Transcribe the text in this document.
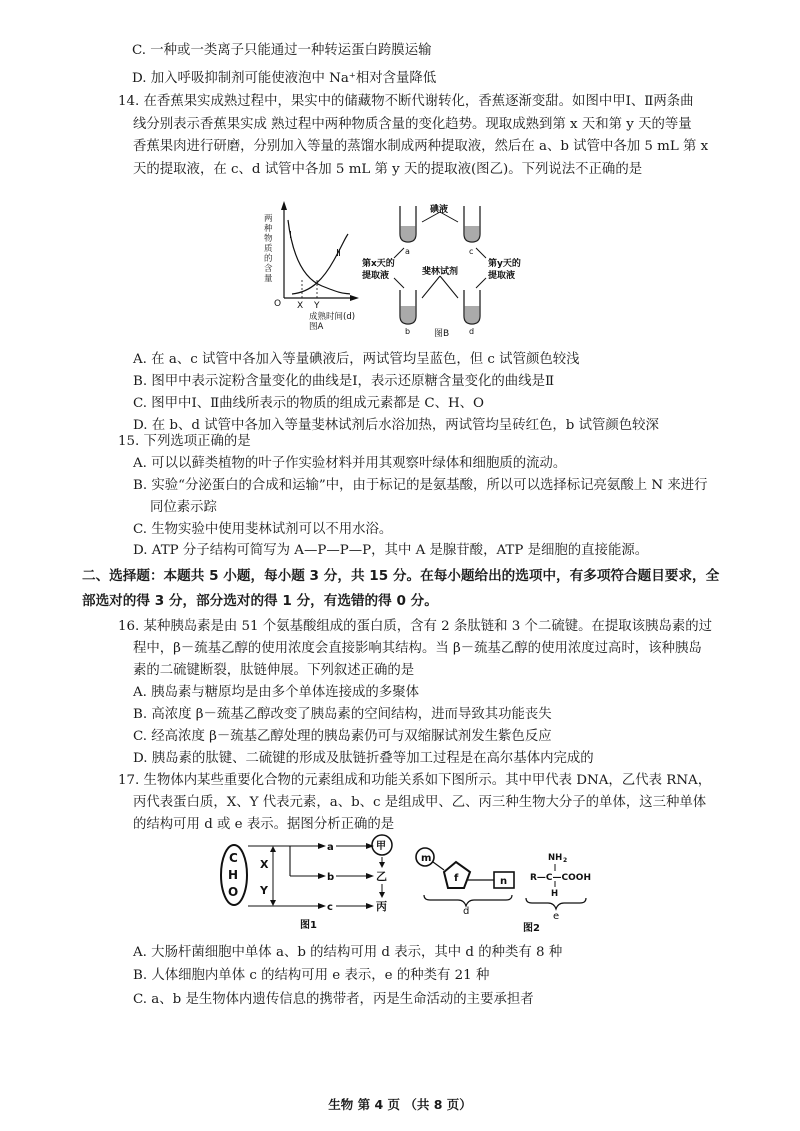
C. 一种或一类离子只能通过一种转运蛋白跨膜运输
D. 加入呼吸抑制剂可能使液泡中 Na⁺相对含量降低
14. 在香蕉果实成熟过程中，果实中的储藏物不断代谢转化，香蕉逐渐变甜。如图中甲Ⅰ、Ⅱ两条曲
线分别表示香蕉果实成 熟过程中两种物质含量的变化趋势。现取成熟到第 x 天和第 y 天的等量
香蕉果肉进行研磨，分别加入等量的蒸馏水制成两种提取液，然后在 a、b 试管中各加 5 mL 第 x
天的提取液，在 c、d 试管中各加 5 mL 第 y 天的提取液(图乙)。下列说法不正确的是
Ⅰ
Ⅱ
O X Y
成熟时间(d)
图A
两种物质的含量
碘液
斐林试剂
第x天的
提取液
第y天的
提取液
a	c
b	d
图B
A. 在 a、c 试管中各加入等量碘液后，两试管均呈蓝色，但 c 试管颜色较浅
B. 图甲中表示淀粉含量变化的曲线是Ⅰ，表示还原糖含量变化的曲线是Ⅱ
C. 图甲中Ⅰ、Ⅱ曲线所表示的物质的组成元素都是 C、H、O
D. 在 b、d 试管中各加入等量斐林试剂后水浴加热，两试管均呈砖红色，b 试管颜色较深
15. 下列选项正确的是
A. 可以以藓类植物的叶子作实验材料并用其观察叶绿体和细胞质的流动。
B. 实验“分泌蛋白的合成和运输”中，由于标记的是氨基酸，所以可以选择标记亮氨酸上 N 来进行
同位素示踪
C. 生物实验中使用斐林试剂可以不用水浴。
D. ATP 分子结构可简写为 A—P—P—P，其中 A 是腺苷酸，ATP 是细胞的直接能源。
二、选择题：本题共 5 小题，每小题 3 分，共 15 分。在每小题给出的选项中，有多项符合题目要求，全
部选对的得 3 分，部分选对的得 1 分，有选错的得 0 分。
16. 某种胰岛素是由 51 个氨基酸组成的蛋白质，含有 2 条肽链和 3 个二硫键。在提取该胰岛素的过
程中，β－巯基乙醇的使用浓度会直接影响其结构。当 β－巯基乙醇的使用浓度过高时，该种胰岛
素的二硫键断裂，肽链伸展。下列叙述正确的是
A. 胰岛素与糖原均是由多个单体连接成的多聚体
B. 高浓度 β－巯基乙醇改变了胰岛素的空间结构，进而导致其功能丧失
C. 经高浓度 β－巯基乙醇处理的胰岛素仍可与双缩脲试剂发生紫色反应
D. 胰岛素的肽键、二硫键的形成及肽链折叠等加工过程是在高尔基体内完成的
17. 生物体内某些重要化合物的元素组成和功能关系如下图所示。其中甲代表 DNA，乙代表 RNA，
丙代表蛋白质，X、Y 代表元素，a、b、c 是组成甲、乙、丙三种生物大分子的单体，这三种单体
的结构可用 d 或 e 表示。据图分析正确的是
C
H
O
X
Y
a
b
c
甲
乙
丙
图1
m
f	n
d
NH 2
R—C—COOH
H
e
图2
A. 大肠杆菌细胞中单体 a、b 的结构可用 d 表示，其中 d 的种类有 8 种
B. 人体细胞内单体 c 的结构可用 e 表示，e 的种类有 21 种
C. a、b 是生物体内遗传信息的携带者，丙是生命活动的主要承担者
生物 第 4 页 （共 8 页）
